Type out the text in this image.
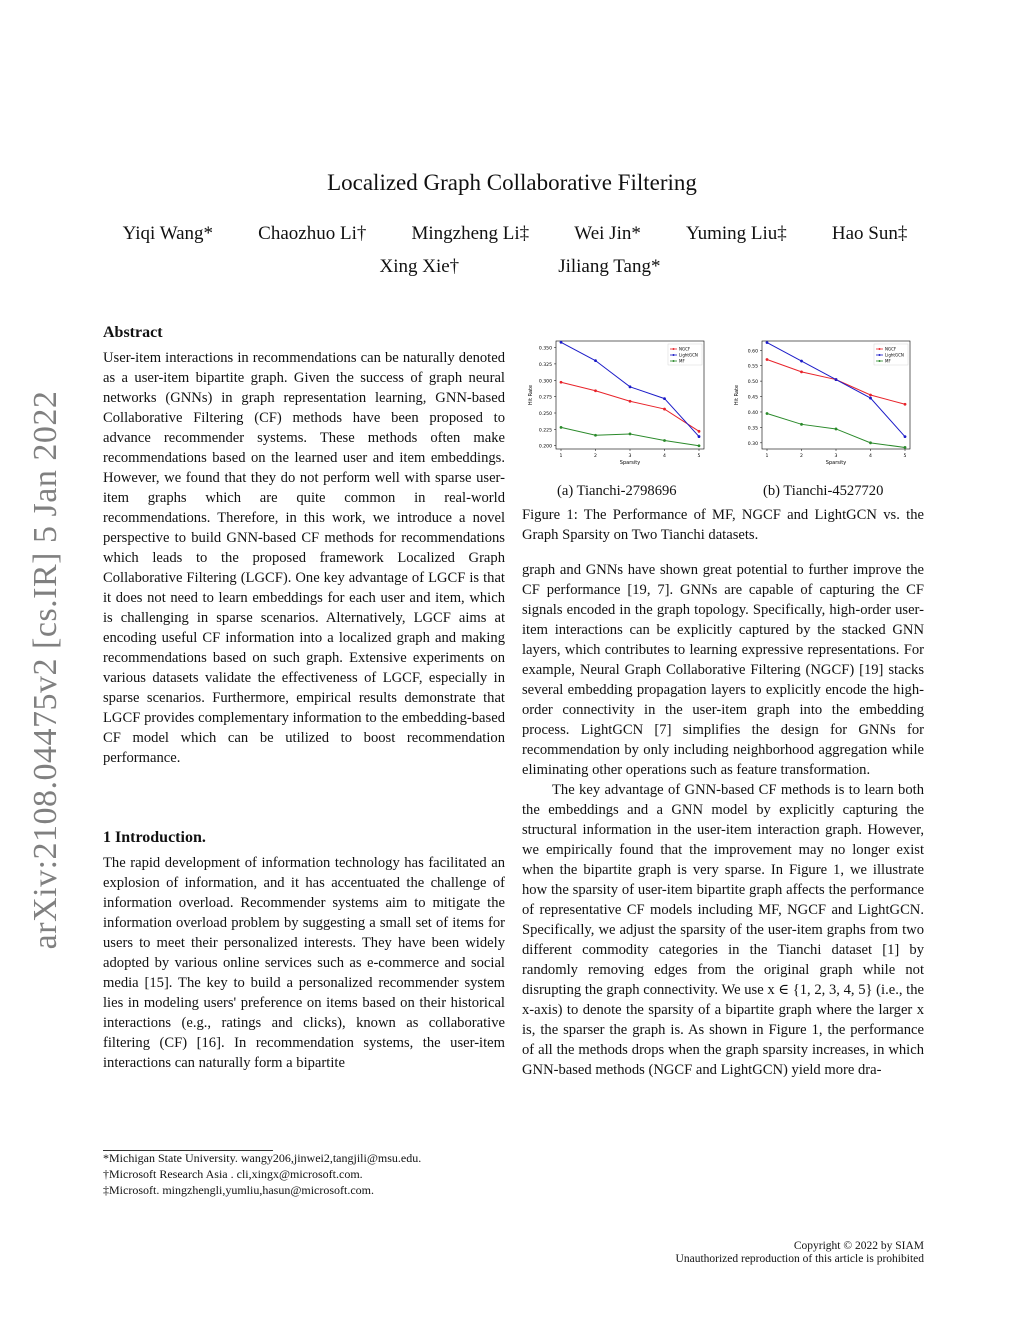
arXiv:2108.04475v2 [cs.IR] 5 Jan 2022
Localized Graph Collaborative Filtering
Yiqi Wang* Chaozhuo Li† Mingzheng Li‡ Wei Jin* Yuming Liu‡ Hao Sun‡
Xing Xie†	Jiliang Tang*
Abstract

User-item interactions in recommendations can be naturally denoted as a user-item bipartite graph. Given the success of graph neural networks (GNNs) in graph representation learning, GNN-based Collaborative Filtering (CF) methods have been proposed to advance recommender systems. These methods often make recommendations based on the learned user and item embeddings. However, we found that they do not perform well with sparse user-item graphs which are quite common in real-world recommendations. Therefore, in this work, we introduce a novel perspective to build GNN-based CF methods for recommendations which leads to the proposed framework Localized Graph Collaborative Filtering (LGCF). One key advantage of LGCF is that it does not need to learn embeddings for each user and item, which is challenging in sparse scenarios. Alternatively, LGCF aims at encoding useful CF information into a localized graph and making recommendations based on such graph. Extensive experiments on various datasets validate the effectiveness of LGCF, especially in sparse scenarios. Furthermore, empirical results demonstrate that LGCF provides complementary information to the embedding-based CF model which can be utilized to boost recommendation performance.

1 Introduction.

The rapid development of information technology has facilitated an explosion of information, and it has accentuated the challenge of information overload. Recommender systems aim to mitigate the information overload problem by suggesting a small set of items for users to meet their personalized interests. They have been widely adopted by various online services such as e-commerce and social media [15]. The key to build a personalized recommender system lies in modeling users' preference on items based on their historical interactions (e.g., ratings and clicks), known as collaborative filtering (CF) [16]. In recommendation systems, the user-item interactions can naturally form a bipartite

*Michigan State University. wangy206,jinwei2,tangjili@msu.edu.
†Microsoft Research Asia . cli,xingx@microsoft.com.
‡Microsoft. mingzhengli,yumliu,hasun@microsoft.com.
0.200
0.225
0.250
0.275
0.300
0.325
0.350
1	2	3	4	5
Sparsity
Hit Rate
NGCF
LightGCN
MF
0.30
0.35
0.40
0.45
0.50
0.55
0.60
1	2	3	4	5
Sparsity
Hit Rate
NGCF
LightGCN
MF
(a) Tianchi-2798696	(b) Tianchi-4527720
Figure 1: The Performance of MF, NGCF and LightGCN vs. the Graph Sparsity on Two Tianchi datasets.

graph and GNNs have shown great potential to further improve the CF performance [19, 7]. GNNs are capable of capturing the CF signals encoded in the graph topology. Specifically, high-order user-item interactions can be explicitly captured by the stacked GNN layers, which contributes to learning expressive representations. For example, Neural Graph Collaborative Filtering (NGCF) [19] stacks several embedding propagation layers to explicitly encode the high-order connectivity in the user-item graph into the embedding process. LightGCN [7] simplifies the design for GNNs for recommendation by only including neighborhood aggregation while eliminating other operations such as feature transformation.

The key advantage of GNN-based CF methods is to learn both the embeddings and a GNN model by explicitly capturing the structural information in the user-item interaction graph. However, we empirically found that the improvement may no longer exist when the bipartite graph is very sparse. In Figure 1, we illustrate how the sparsity of user-item bipartite graph affects the performance of representative CF models including MF, NGCF and LightGCN. Specifically, we adjust the sparsity of the user-item graphs from two different commodity categories in the Tianchi dataset [1] by randomly removing edges from the original graph while not disrupting the graph connectivity. We use x ∈ {1, 2, 3, 4, 5} (i.e., the x-axis) to denote the sparsity of a bipartite graph where the larger x is, the sparser the graph is. As shown in Figure 1, the performance of all the methods drops when the graph sparsity increases, in which GNN-based methods (NGCF and LightGCN) yield more dra-

Copyright © 2022 by SIAM
Unauthorized reproduction of this article is prohibited
